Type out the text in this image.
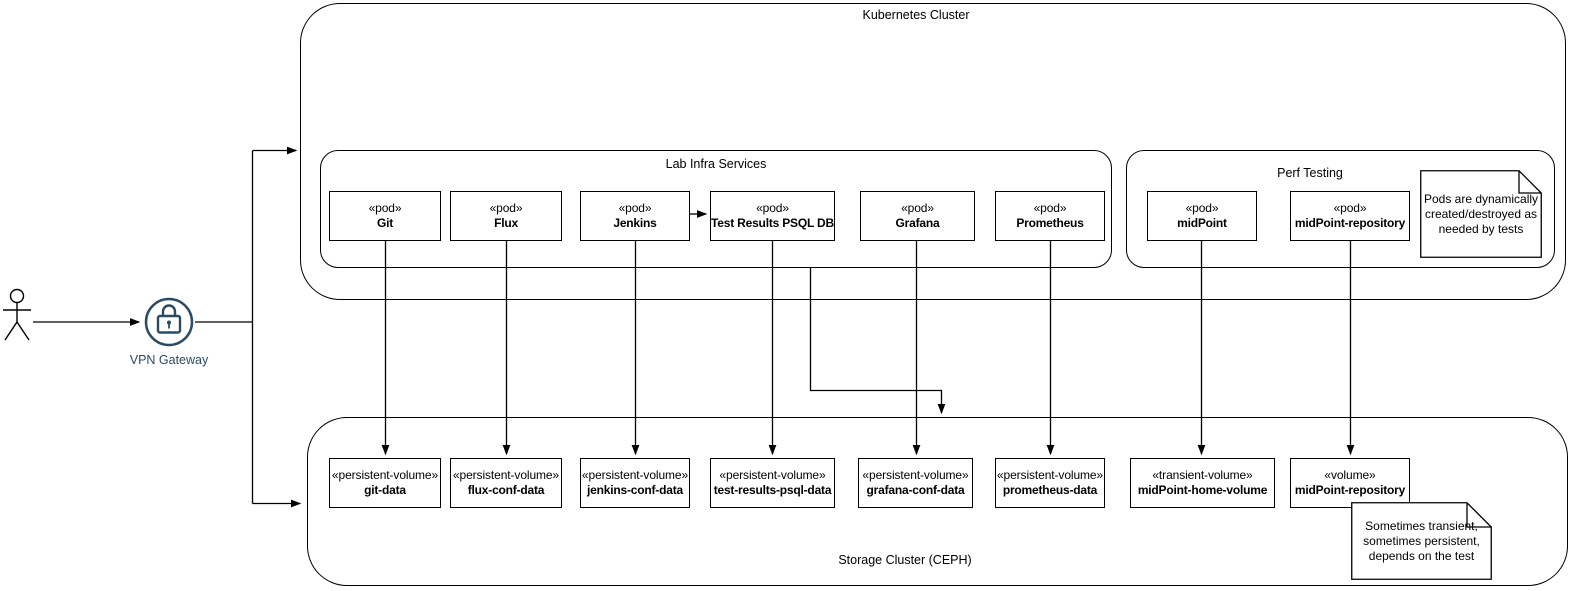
Kubernetes Cluster
Lab Infra Services
Perf Testing
Storage Cluster (CEPH)
«pod»
Git
«pod»
Flux
«pod»
Jenkins
«pod»
Test Results PSQL DB
«pod»
Grafana
«pod»
Prometheus
«pod»
midPoint
«pod»
midPoint-repository
«persistent-volume»
git-data
«persistent-volume»
flux-conf-data
«persistent-volume»
jenkins-conf-data
«persistent-volume»
test-results-psql-data
«persistent-volume»
grafana-conf-data
«persistent-volume»
prometheus-data
«transient-volume»
midPoint-home-volume
«volume»
midPoint-repository
Pods are dynamically created/destroyed as needed by tests
Sometimes transient, sometimes persistent, depends on the test
VPN Gateway
